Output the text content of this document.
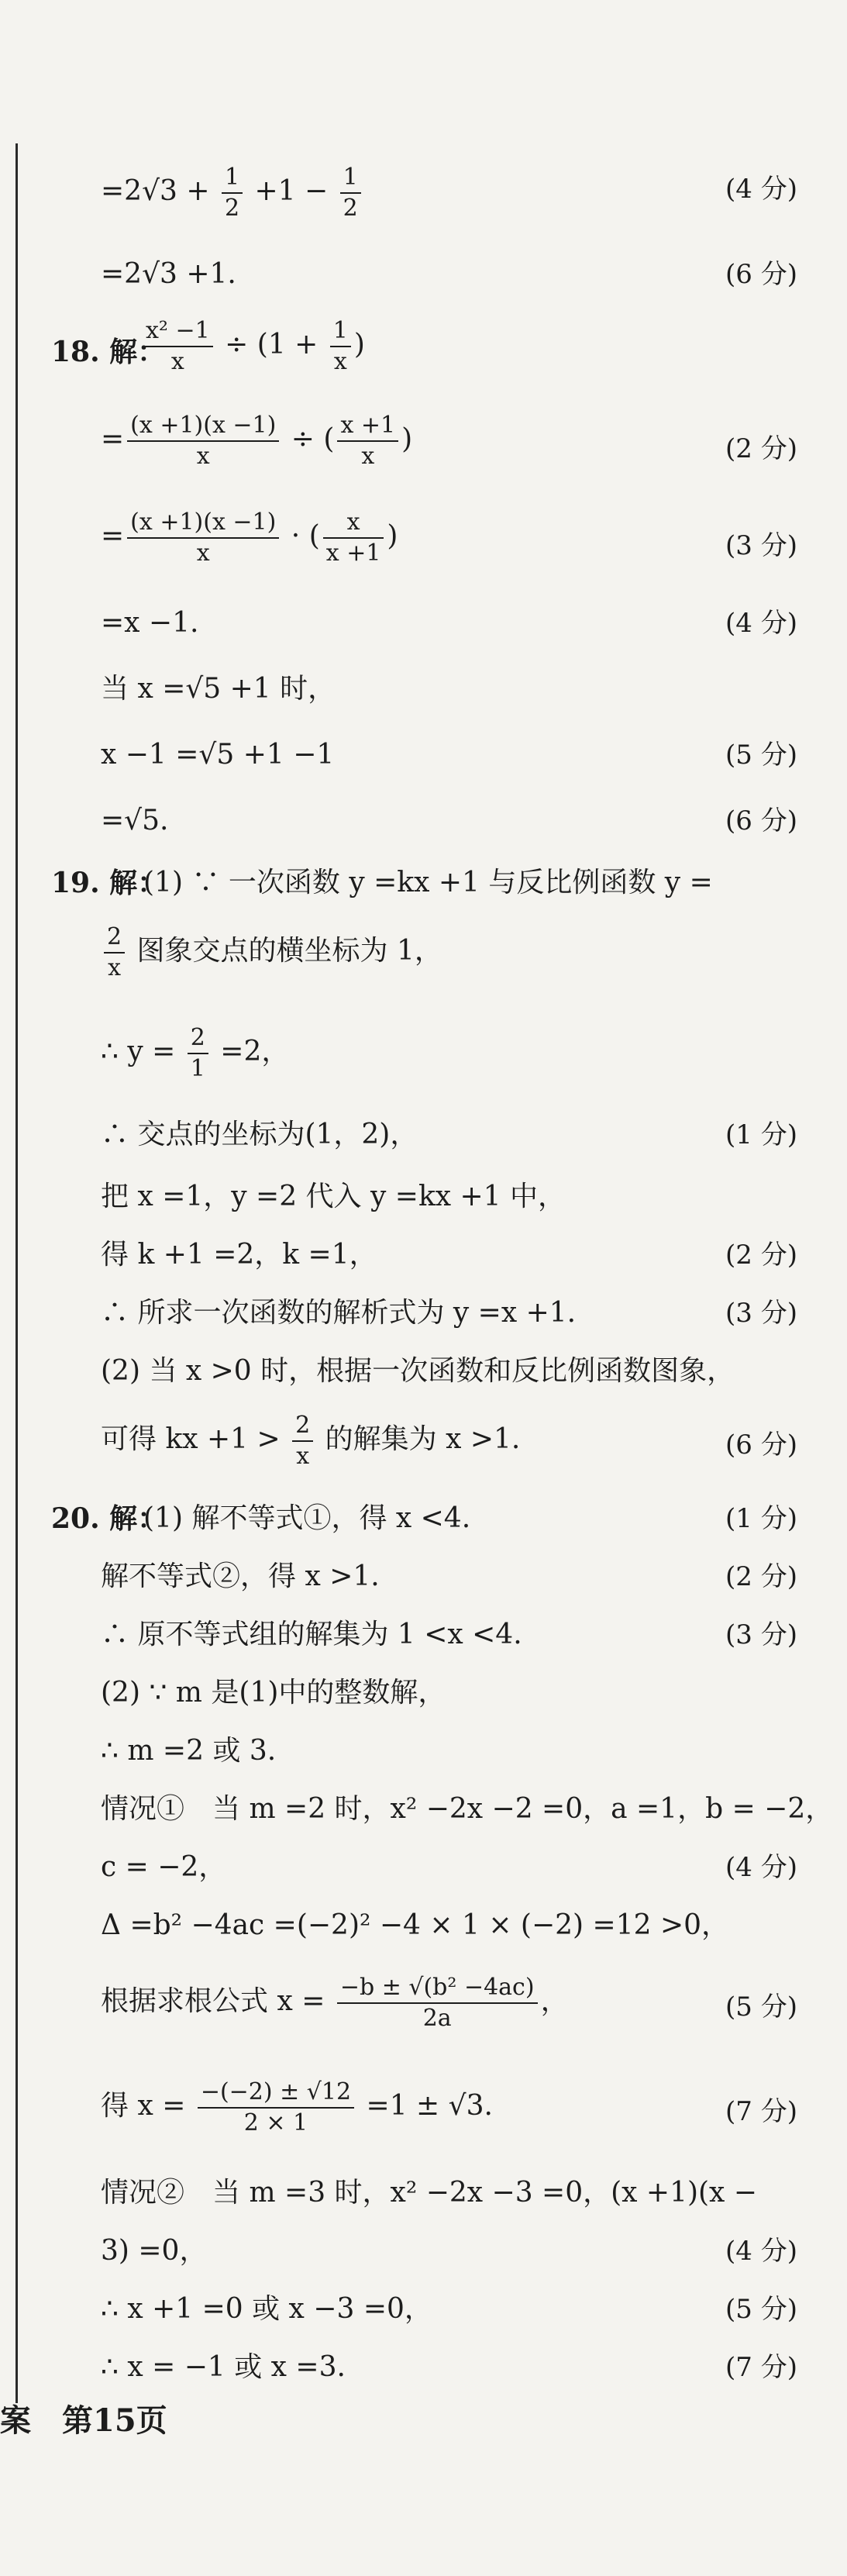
$=2√3 + \frac{1}{2} +1 - \frac{1}{2}$	(4 分)
=2√3 +1.	(6 分)
18. 解：
$\frac{\text{x² −1}}{x} \div (1 + \frac{1}{x}$ )
= $\frac{(x +1)(x -1)}{x}$ ÷ ( $\frac{x +1}{x}$ )	(2 分)
= $\frac{(x +1)(x -1)}{x}$ · ( $\frac{x}{x +1}$ )	(3 分)
=x −1.	(4 分)
当 x =√5 +1 时，
x −1 =√5 +1 −1	(5 分)
=√5.	(6 分)
19. 解：
(1) ∵ 一次函数 y =kx +1 与反比例函数 y =
$\frac{2}{x}$ 图象交点的横坐标为 1，
∴ $y = \frac{2}{1} =2$，
∴ 交点的坐标为(1，2)，	(1 分)
把 x =1，y =2 代入 y =kx +1 中，
得 k +1 =2，k =1，	(2 分)
∴ 所求一次函数的解析式为 y =x +1.	(3 分)
(2) 当 x >0 时，根据一次函数和反比例函数图象，
可得 kx $+1 > \frac{2}{x}$ 的解集为 x >1.	(6 分)
20. 解：
(1) 解不等式①，得 x <4.	(1 分)
解不等式②，得 x >1.	(2 分)
∴ 原不等式组的解集为 1 <x <4.	(3 分)
(2) ∵ m 是(1)中的整数解，
∴ m =2 或 3.
情况①　当 m =2 时，x² −2x −2 =0，a =1，b = −2，
c = −2，	(4 分)
Δ =b² −4ac =(−2)² −4 × 1 × (−2) =12 >0，
根据求根公式 $x = \frac{\text{−b ± √(b² −4ac)}}{2a}$ ，	(5 分)
得 $x = \frac{-(-2) \pm √12}{2 \times 1} =1 \pm √3$.	(7 分)
情况②　当 m =3 时，x² −2x −3 =0，(x +1)(x −
3) =0，	(4 分)
∴ x +1 =0 或 x −3 =0，	(5 分)
∴ x = −1 或 x =3.	(7 分)
案　第15页
